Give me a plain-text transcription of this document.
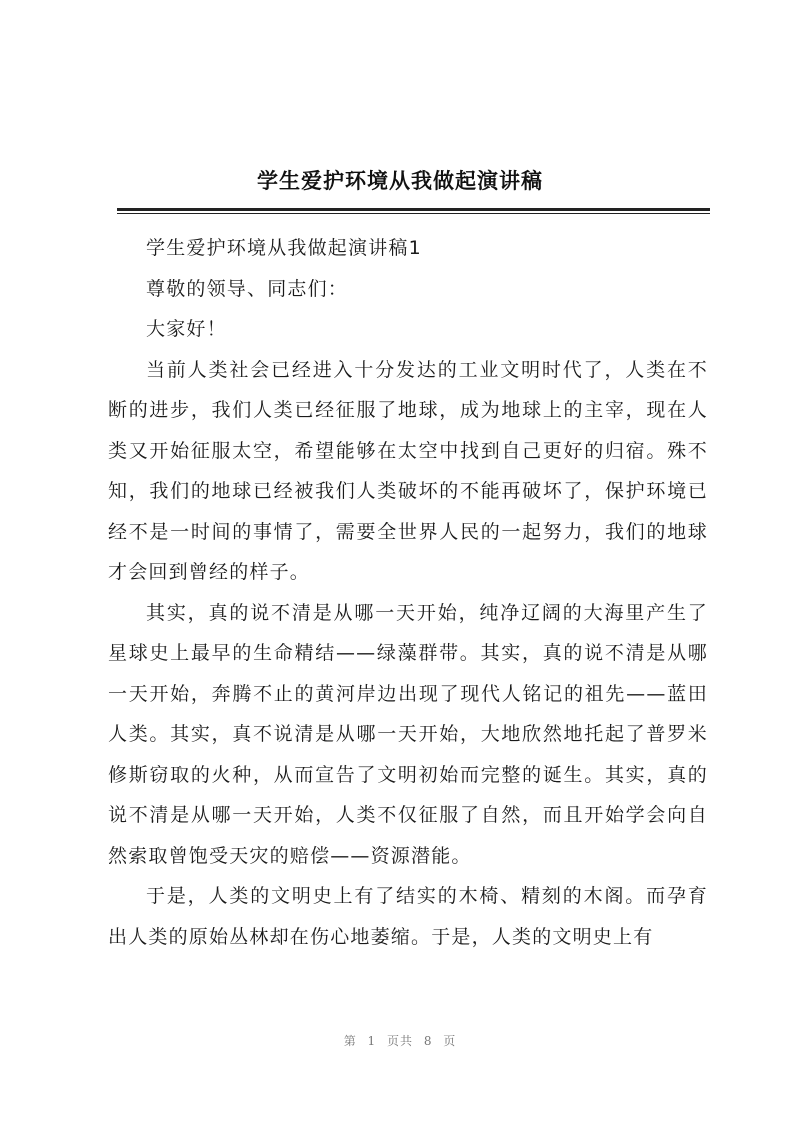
学生爱护环境从我做起演讲稿

学生爱护环境从我做起演讲稿1

尊敬的领导、同志们：

大家好！

当前人类社会已经进入十分发达的工业文明时代了，人类在不断的进步，我们人类已经征服了地球，成为地球上的主宰，现在人类又开始征服太空，希望能够在太空中找到自己更好的归宿。殊不知，我们的地球已经被我们人类破坏的不能再破坏了，保护环境已经不是一时间的事情了，需要全世界人民的一起努力，我们的地球才会回到曾经的样子。

其实，真的说不清是从哪一天开始，纯净辽阔的大海里产生了星球史上最早的生命精结——绿藻群带。其实，真的说不清是从哪一天开始，奔腾不止的黄河岸边出现了现代人铭记的祖先——蓝田人类。其实，真不说清是从哪一天开始，大地欣然地托起了普罗米修斯窃取的火种，从而宣告了文明初始而完整的诞生。其实，真的说不清是从哪一天开始，人类不仅征服了自然，而且开始学会向自然索取曾饱受天灾的赔偿——资源潜能。

于是，人类的文明史上有了结实的木椅、精刻的木阁。而孕育出人类的原始丛林却在伤心地萎缩。于是，人类的文明史上有

第 1 页共 8 页
